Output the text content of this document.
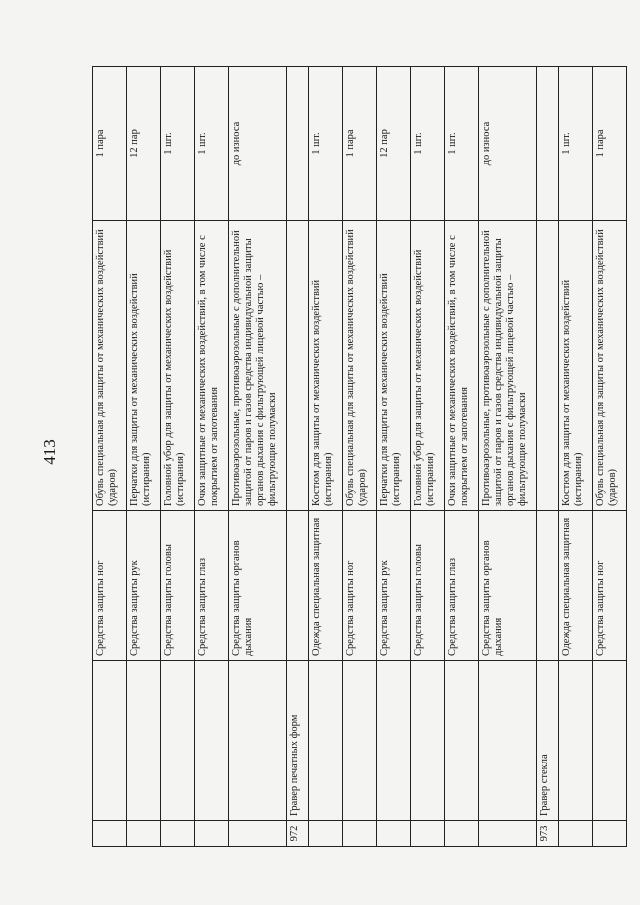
413
		Средства защиты ног	Обувь специальная для защиты от механических воздействий (ударов)	1 пара
		Средства защиты рук	Перчатки для защиты от механических воздействий (истирания)	12 пар
		Средства защиты головы	Головной убор для защиты от механических воздействий (истирания)	1 шт.
		Средства защиты глаз	Очки защитные от механических воздействий, в том числе с покрытием от запотевания	1 шт.
		Средства защиты органов дыхания	Противоаэрозольные, противоаэрозольные с дополнительной защитой от паров и газов средства индивидуальной защиты органов дыхания с фильтрующей лицевой частью – фильтрующие полумаски	до износа
972	Гравер печатных форм			
		Одежда специальная защитная	Костюм для защиты от механических воздействий (истирания)	1 шт.
		Средства защиты ног	Обувь специальная для защиты от механических воздействий (ударов)	1 пара
		Средства защиты рук	Перчатки для защиты от механических воздействий (истирания)	12 пар
		Средства защиты головы	Головной убор для защиты от механических воздействий (истирания)	1 шт.
		Средства защиты глаз	Очки защитные от механических воздействий, в том числе с покрытием от запотевания	1 шт.
		Средства защиты органов дыхания	Противоаэрозольные, противоаэрозольные с дополнительной защитой от паров и газов средства индивидуальной защиты органов дыхания с фильтрующей лицевой частью – фильтрующие полумаски	до износа
973	Гравер стекла			
		Одежда специальная защитная	Костюм для защиты от механических воздействий (истирания)	1 шт.
		Средства защиты ног	Обувь специальная для защиты от механических воздействий (ударов)	1 пара
